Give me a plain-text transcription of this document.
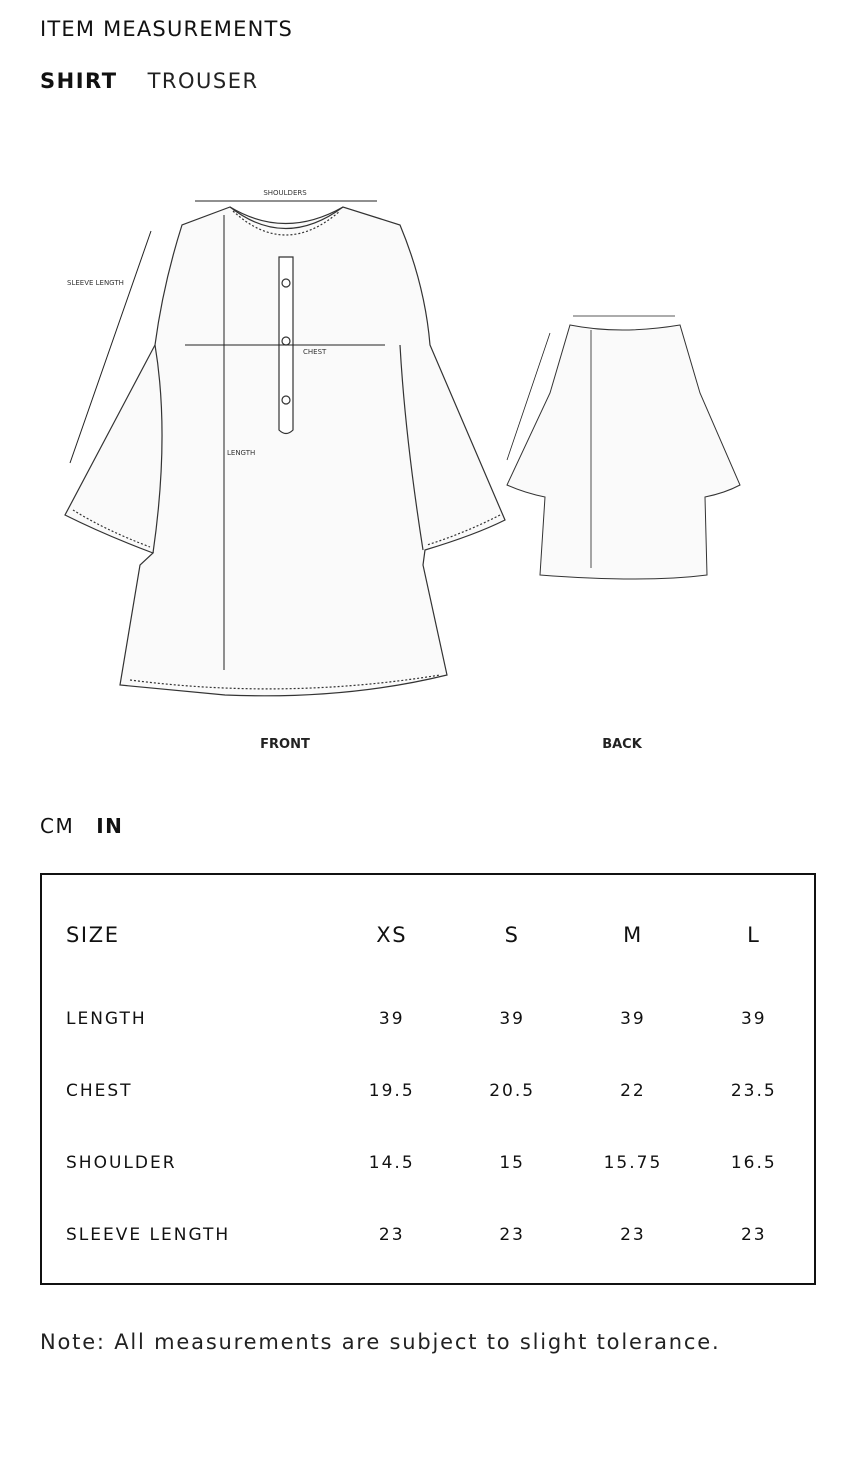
ITEM MEASUREMENTS
SHIRT TROUSER
SHOULDERS
SLEEVE LENGTH
CHEST
LENGTH
FRONT	BACK
CM IN
SIZE	XS	S	M	L
LENGTH	39	39	39	39
CHEST	19.5	20.5	22	23.5
SHOULDER	14.5	15	15.75	16.5
SLEEVE LENGTH	23	23	23	23
Note: All measurements are subject to slight tolerance.
